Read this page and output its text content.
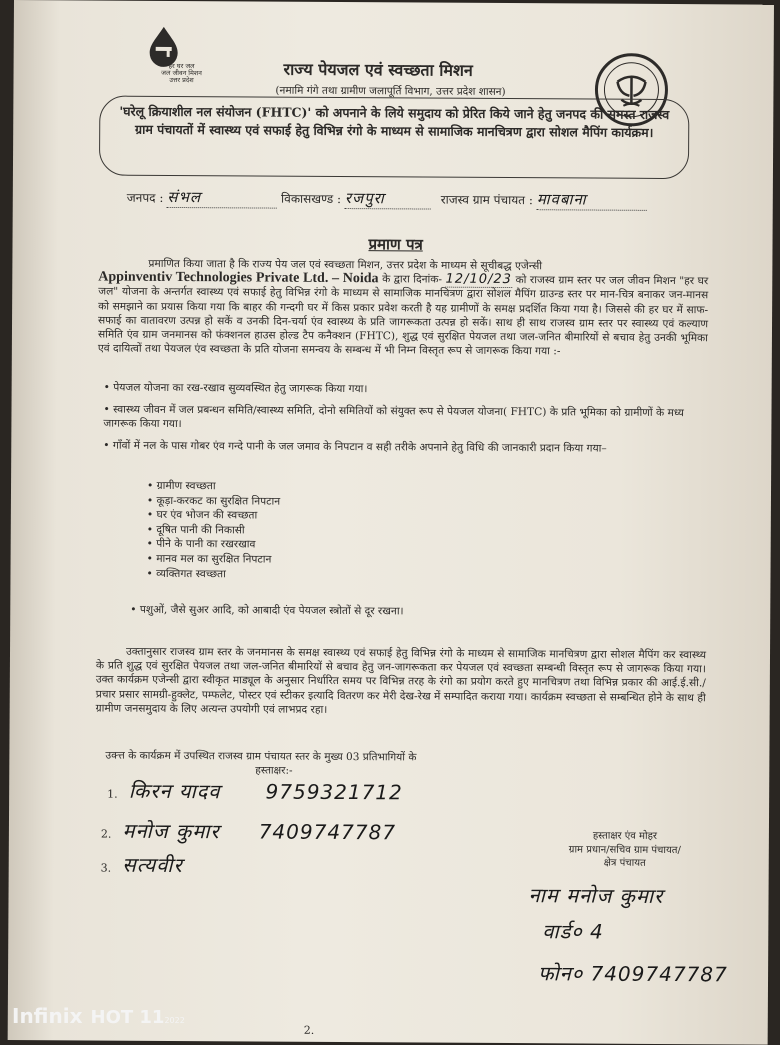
हर घर जल
जल जीवन मिशन
उत्तर प्रदेश
राज्य पेयजल एवं स्वच्छता मिशन
(नमामि गंगे तथा ग्रामीण जलापूर्ति विभाग, उत्तर प्रदेश शासन)
'घरेलू क्रियाशील नल संयोजन (FHTC)' को अपनाने के लिये समुदाय को प्रेरित किये जाने हेतु जनपद की समस्त राजस्व ग्राम पंचायतों में स्वास्थ्य एवं सफाई हेतु विभिन्न रंगो के माध्यम से सामाजिक मानचित्रण द्वारा सोशल मैपिंग कार्यक्रम।
जनपद : संभल	विकासखण्ड : रजपुरा	राजस्व ग्राम पंचायत : मावबाना
प्रमाण पत्र
प्रमाणित किया जाता है कि राज्य पेय जल एवं स्वच्छता मिशन, उत्तर प्रदेश के माध्यम से सूचीबद्ध एजेन्सी
Appinventiv Technologies Private Ltd. – Noida के द्वारा दिनांक- 12/10/23 को राजस्व ग्राम स्तर पर जल जीवन मिशन "हर घर जल" योजना के अन्तर्गत स्वास्थ्य एवं सफाई हेतु विभिन्न रंगो के माध्यम से सामाजिक मानचित्रण द्वारा सोशल मैपिंग ग्राउन्ड स्तर पर मान-चित्र बनाकर जन-मानस को समझाने का प्रयास किया गया कि बाहर की गन्दगी घर में किस प्रकार प्रवेश करती है यह ग्रामीणों के समक्ष प्रदर्शित किया गया है। जिससे की हर घर में साफ-सफाई का वातावरण उत्पन्न हो सकें व उनकी दिन-चर्या एंव स्वास्थ्य के प्रति जागरूकता उत्पन्न हो सकें। साथ ही साथ राजस्व ग्राम स्तर पर स्वास्थ्य एवं कल्याण समिति एंव ग्राम जनमानस को फंक्शनल हाउस होल्ड टैप कनैक्शन (FHTC), शुद्ध एवं सुरक्षित पेयजल तथा जल-जनित बीमारियों से बचाव हेतु उनकी भूमिका एवं दायित्वों तथा पेयजल एंव स्वच्छता के प्रति योजना समन्वय के सम्बन्ध में भी निम्न विस्तृत रूप से जागरूक किया गया :-

• पेयजल योजना का रख-रखाव सुव्यवस्थित हेतु जागरूक किया गया।

• स्वास्थ्य जीवन में जल प्रबन्धन समिति/स्वास्थ्य समिति, दोनो समितियों को संयुक्त रूप से पेयजल योजना( FHTC) के प्रति भूमिका को ग्रामीणों के मध्य जागरूक किया गया।

• गाँवों में नल के पास गोबर एंव गन्दे पानी के जल जमाव के निपटान व सही तरीके अपनाने हेतु विधि की जानकारी प्रदान किया गया–

• ग्रामीण स्वच्छता
• कूड़ा-करकट का सुरक्षित निपटान
• घर एंव भोजन की स्वच्छता
• दूषित पानी की निकासी
• पीने के पानी का रखरखाव
• मानव मल का सुरक्षित निपटान
• व्यक्तिगत स्वच्छता
• पशुओं, जैसे सुअर आदि, को आबादी एंव पेयजल स्त्रोतों से दूर रखना।
उक्तानुसार राजस्व ग्राम स्तर के जनमानस के समक्ष स्वास्थ्य एवं सफाई हेतु विभिन्न रंगो के माध्यम से सामाजिक मानचित्रण द्वारा सोशल मैपिंग कर स्वास्थ्य के प्रति शुद्ध एवं सुरक्षित पेयजल तथा जल-जनित बीमारियों से बचाव हेतु जन-जागरूकता कर पेयजल एवं स्वच्छता सम्बन्धी विस्तृत रूप से जागरूक किया गया। उक्त कार्यक्रम एजेन्सी द्वारा स्वीकृत माड्यूल के अनुसार निर्धारित समय पर विभिन्न तरह के रंगो का प्रयोग करते हुए मानचित्रण तथा विभिन्न प्रकार की आई.ई.सी./प्रचार प्रसार सामग्री-हुक्लेट, पम्फलेट, पोस्टर एवं स्टीकर इत्यादि वितरण कर मेरी देख-रेख में सम्पादित कराया गया। कार्यक्रम स्वच्छता से सम्बन्धित होने के साथ ही ग्रामीण जनसमुदाय के लिए अत्यन्त उपयोगी एवं लाभप्रद रहा।
उक्त्त के कार्यक्रम में उपस्थित राजस्व ग्राम पंचायत स्तर के मुख्य 03 प्रतिभागियों के
हस्ताक्षर:-
1. किरन यादव 9759321712
2. मनोज कुमार 7409747787
3. सत्यवीर
हस्ताक्षर एंव मोहर
ग्राम प्रधान/सचिव ग्राम पंचायत/
क्षेत्र पंचायत
नाम मनोज कुमार
वार्ड० 4
फोन० 7409747787
2.
Infinix HOT 112022
